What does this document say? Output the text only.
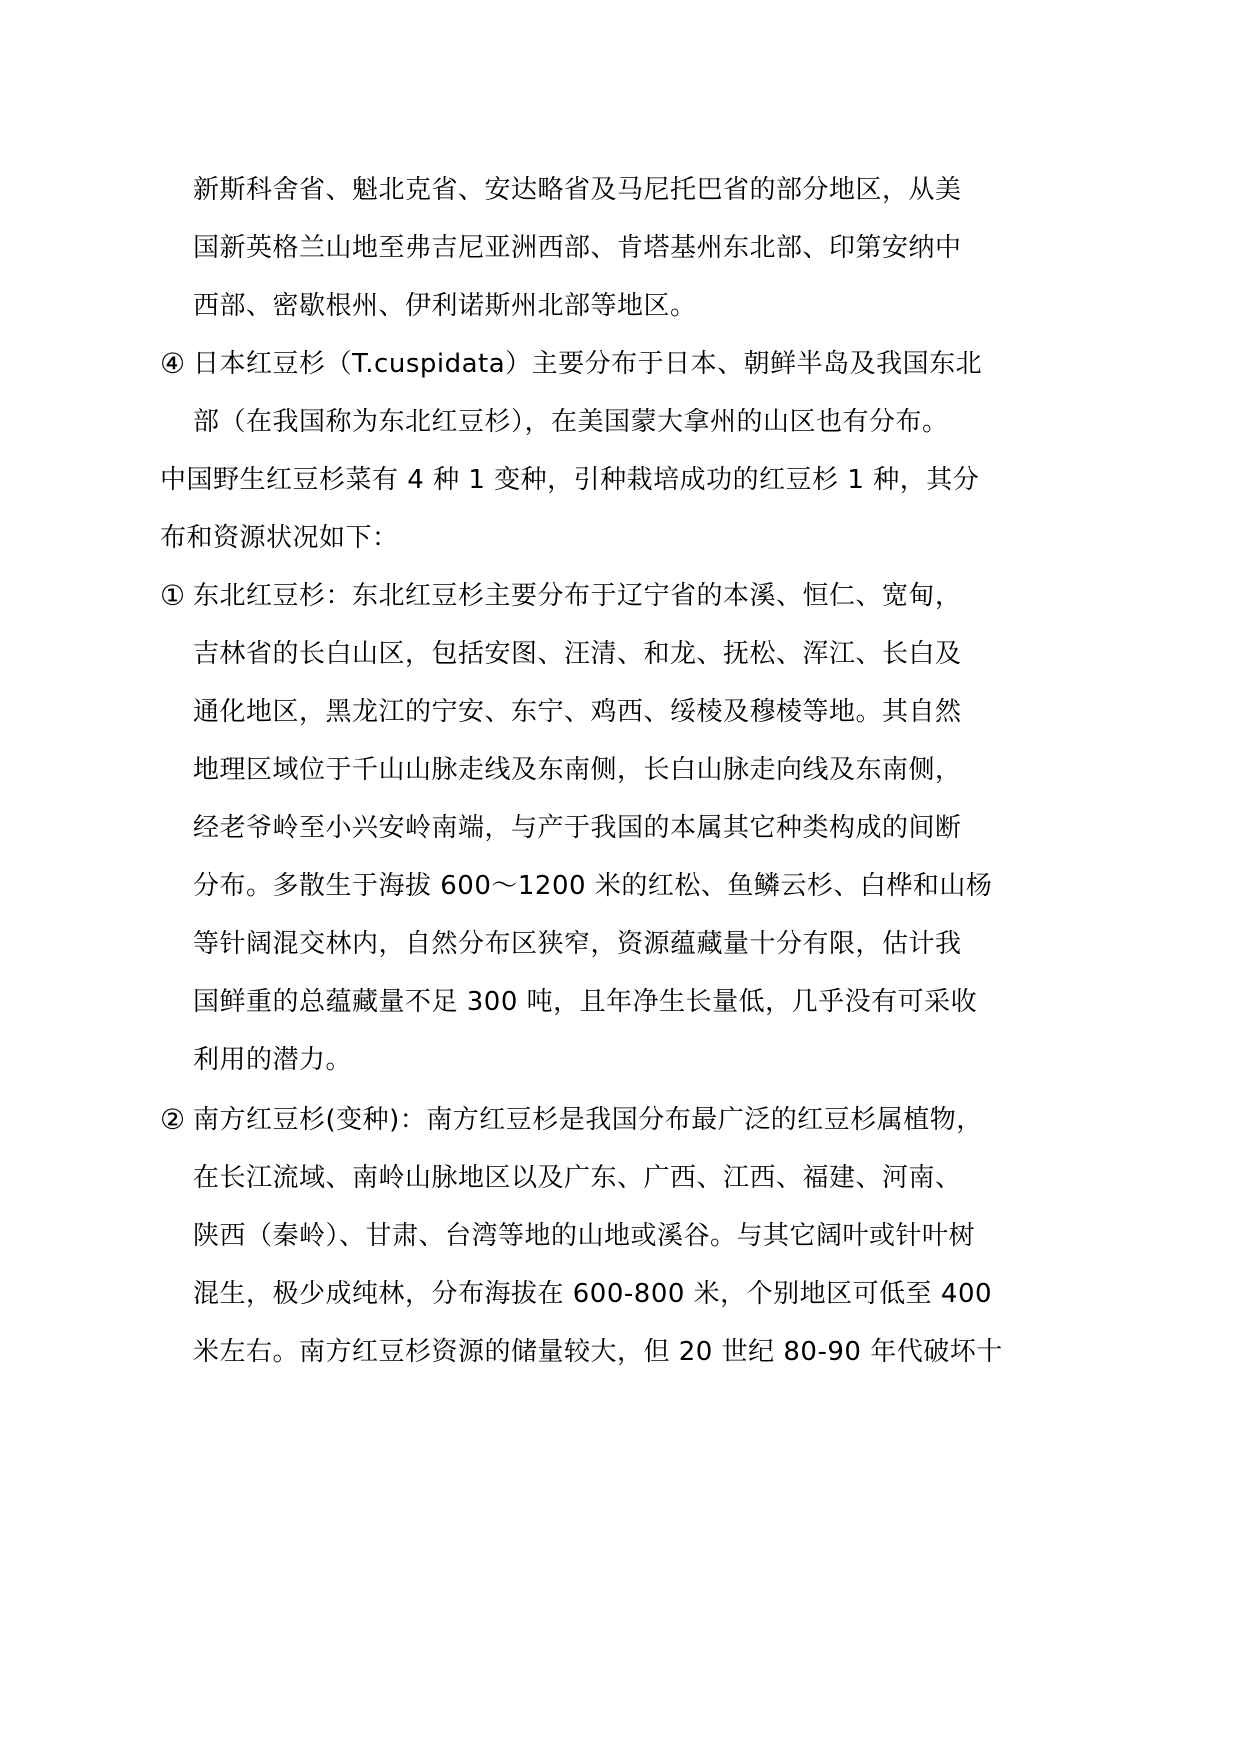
新斯科舍省、魁北克省、安达略省及马尼托巴省的部分地区，从美
国新英格兰山地至弗吉尼亚洲西部、肯塔基州东北部、印第安纳中
西部、密歇根州、伊利诺斯州北部等地区。
④ 日本红豆杉（T.cuspidata）主要分布于日本、朝鲜半岛及我国东北
部（在我国称为东北红豆杉），在美国蒙大拿州的山区也有分布。
中国野生红豆杉菜有 4 种 1 变种，引种栽培成功的红豆杉 1 种，其分
布和资源状况如下：
① 东北红豆杉：东北红豆杉主要分布于辽宁省的本溪、恒仁、宽甸，
吉林省的长白山区，包括安图、汪清、和龙、抚松、浑江、长白及
通化地区，黑龙江的宁安、东宁、鸡西、绥棱及穆棱等地。其自然
地理区域位于千山山脉走线及东南侧，长白山脉走向线及东南侧，
经老爷岭至小兴安岭南端，与产于我国的本属其它种类构成的间断
分布。多散生于海拔 600～1200 米的红松、鱼鳞云杉、白桦和山杨
等针阔混交林内，自然分布区狭窄，资源蕴藏量十分有限，估计我
国鲜重的总蕴藏量不足 300 吨，且年净生长量低，几乎没有可采收
利用的潜力。
② 南方红豆杉(变种)：南方红豆杉是我国分布最广泛的红豆杉属植物，
在长江流域、南岭山脉地区以及广东、广西、江西、福建、河南、
陕西（秦岭）、甘肃、台湾等地的山地或溪谷。与其它阔叶或针叶树
混生，极少成纯林，分布海拔在 600-800 米，个别地区可低至 400
米左右。南方红豆杉资源的储量较大，但 20 世纪 80-90 年代破坏十
